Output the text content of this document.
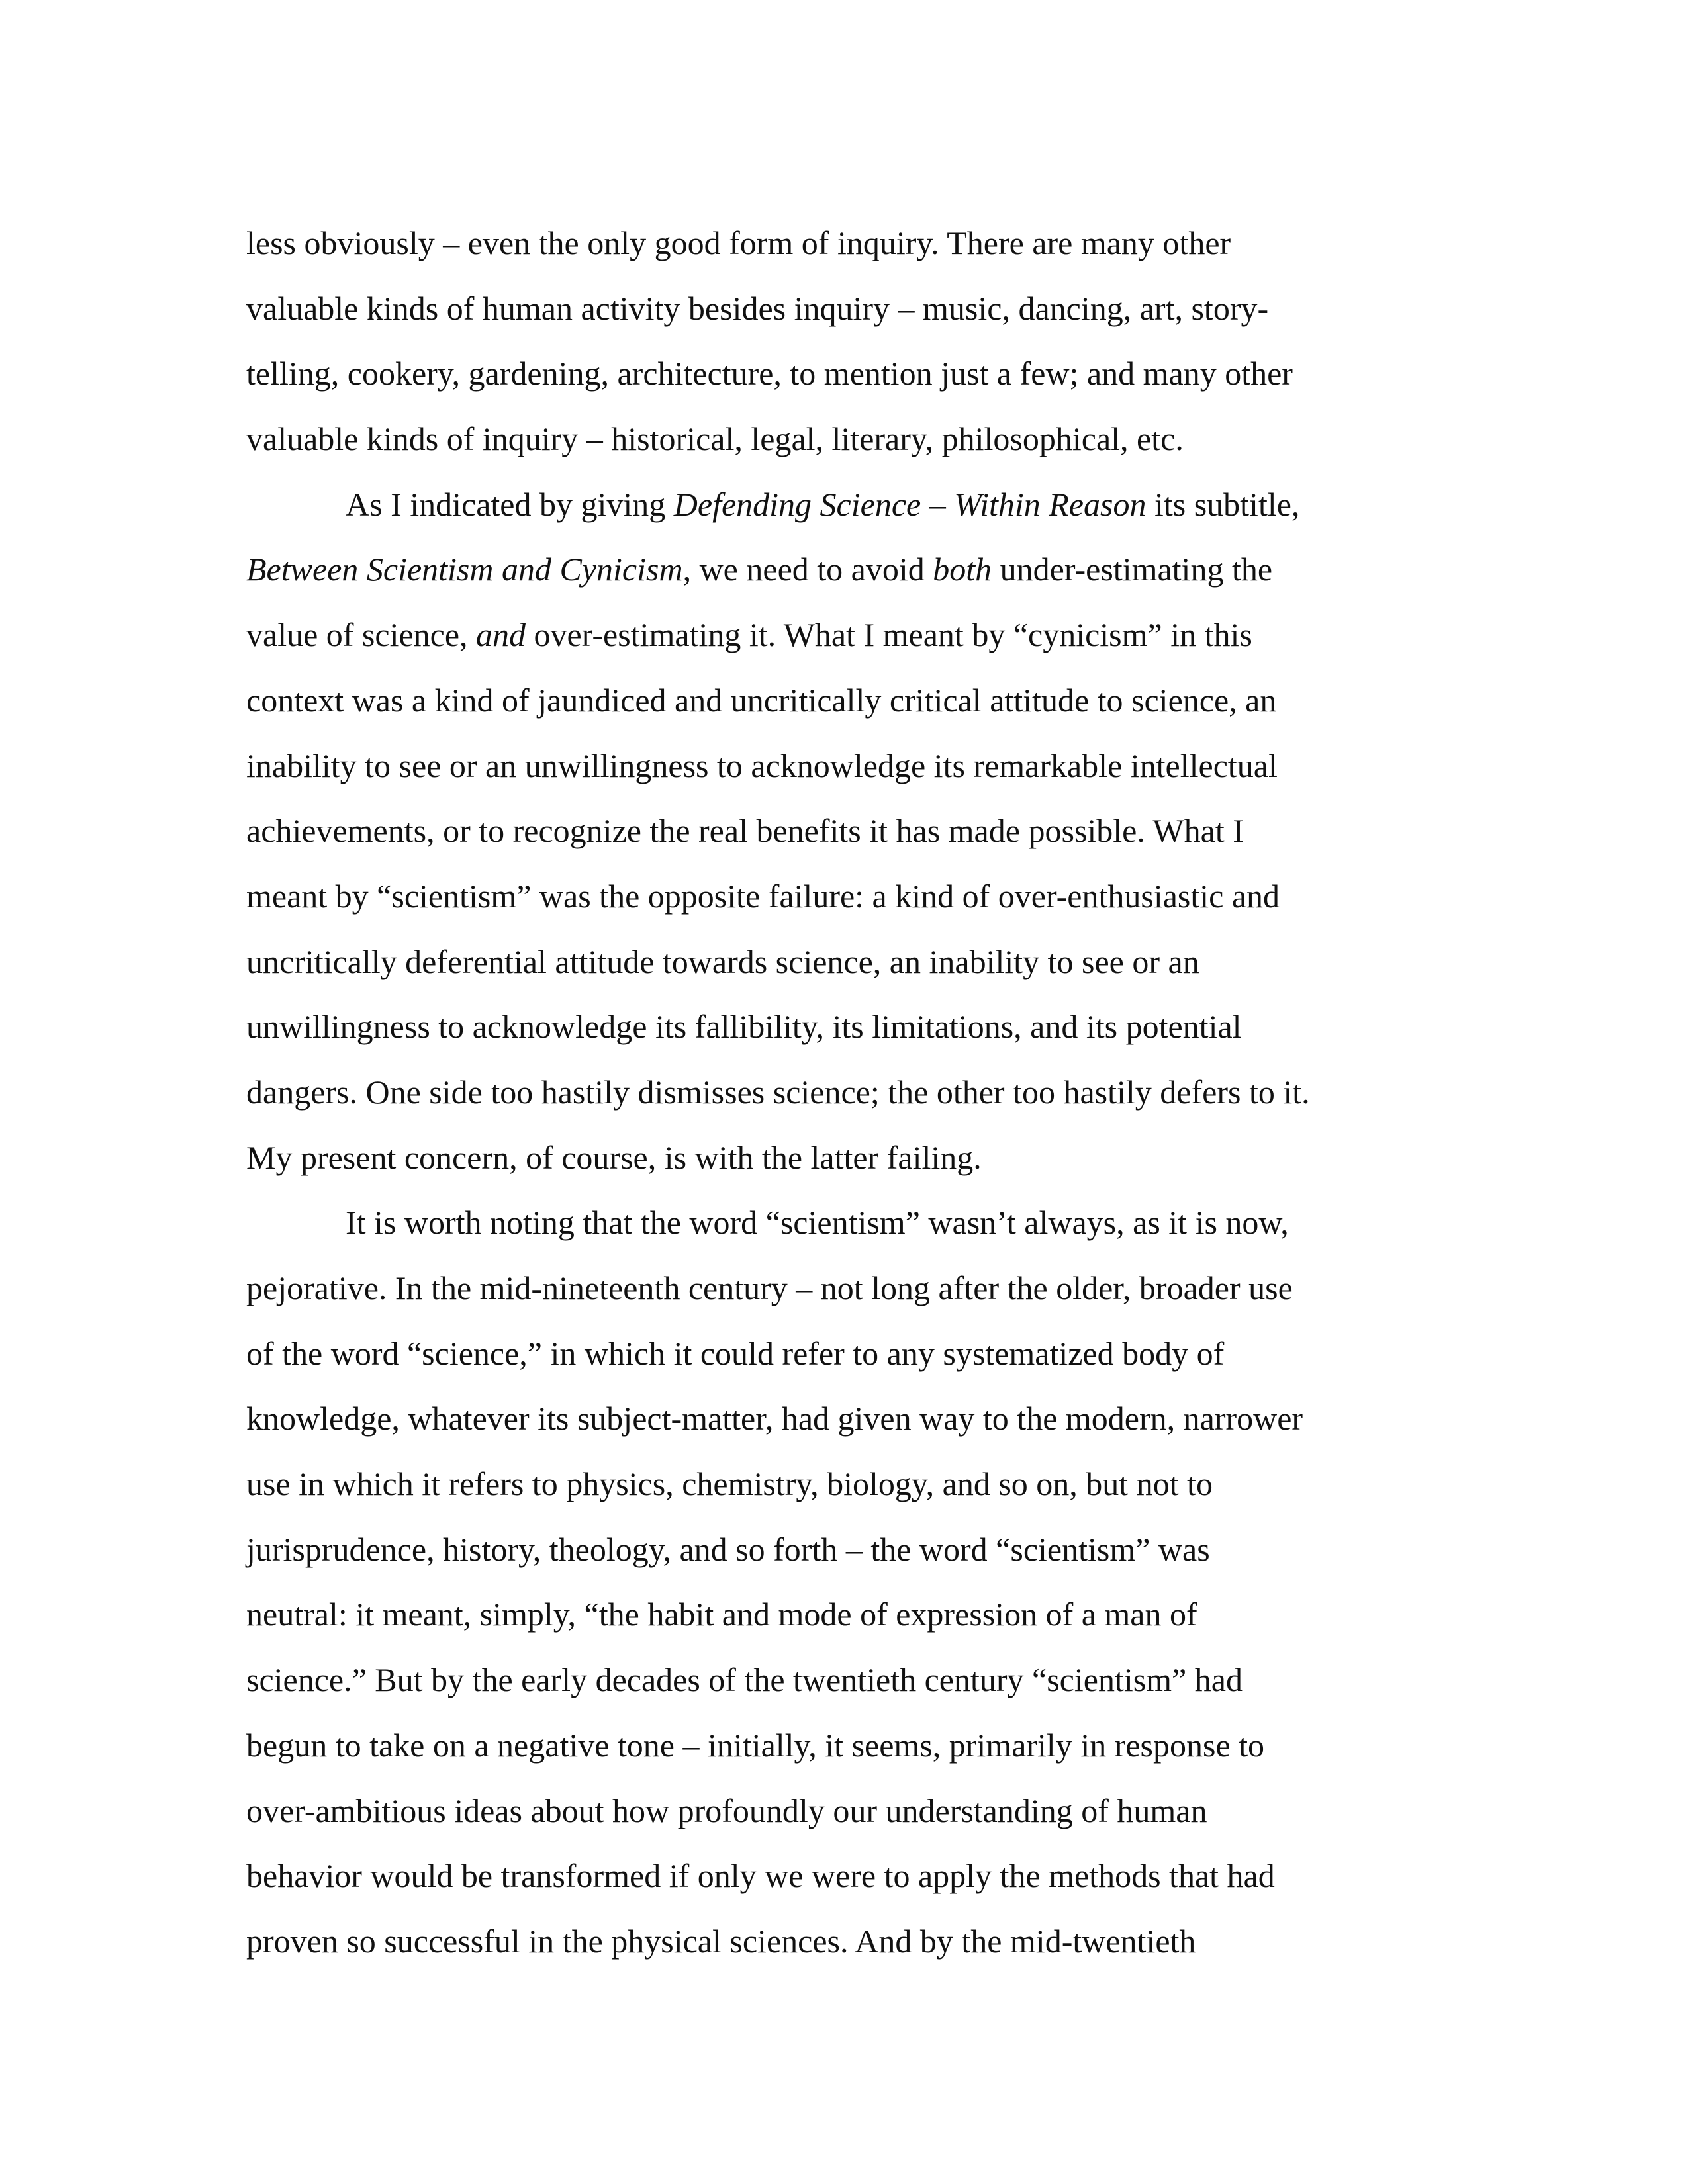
less obviously – even the only good form of inquiry. There are many other
valuable kinds of human activity besides inquiry – music, dancing, art, story-
telling, cookery, gardening, architecture, to mention just a few; and many other
valuable kinds of inquiry – historical, legal, literary, philosophical, etc.
As I indicated by giving Defending Science – Within Reason its subtitle,
Between Scientism and Cynicism, we need to avoid both under-estimating the
value of science, and over-estimating it. What I meant by “cynicism” in this
context was a kind of jaundiced and uncritically critical attitude to science, an
inability to see or an unwillingness to acknowledge its remarkable intellectual
achievements, or to recognize the real benefits it has made possible. What I
meant by “scientism” was the opposite failure: a kind of over-enthusiastic and
uncritically deferential attitude towards science, an inability to see or an
unwillingness to acknowledge its fallibility, its limitations, and its potential
dangers. One side too hastily dismisses science; the other too hastily defers to it.
My present concern, of course, is with the latter failing.
It is worth noting that the word “scientism” wasn’t always, as it is now,
pejorative. In the mid-nineteenth century – not long after the older, broader use
of the word “science,” in which it could refer to any systematized body of
knowledge, whatever its subject-matter, had given way to the modern, narrower
use in which it refers to physics, chemistry, biology, and so on, but not to
jurisprudence, history, theology, and so forth – the word “scientism” was
neutral: it meant, simply, “the habit and mode of expression of a man of
science.” But by the early decades of the twentieth century “scientism” had
begun to take on a negative tone – initially, it seems, primarily in response to
over-ambitious ideas about how profoundly our understanding of human
behavior would be transformed if only we were to apply the methods that had
proven so successful in the physical sciences. And by the mid-twentieth
